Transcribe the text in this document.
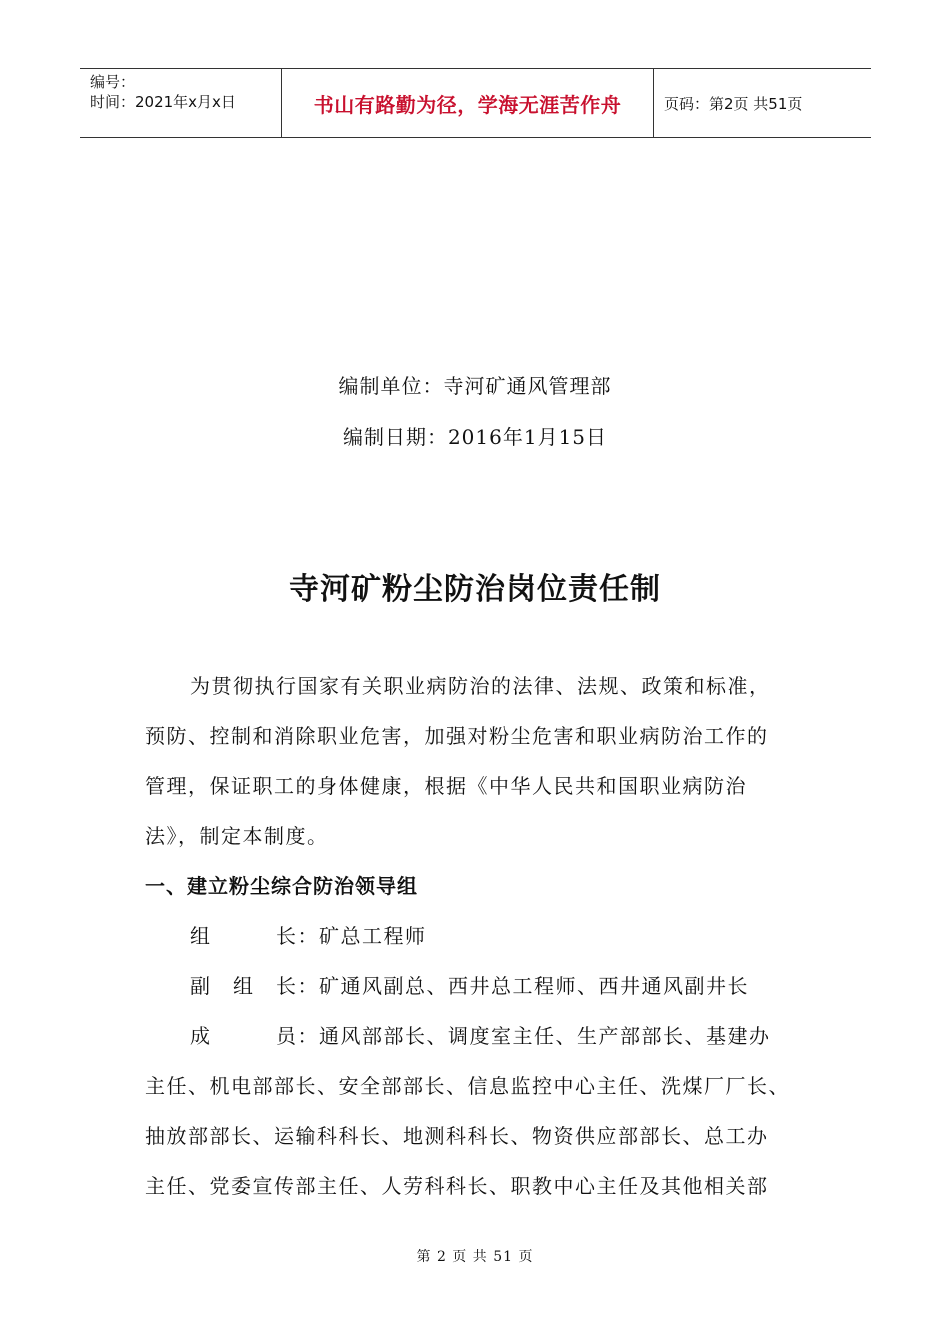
编号：
时间：2021年x月x日	书山有路勤为径，学海无涯苦作舟	页码：第2页 共51页
编制单位：寺河矿通风管理部
编制日期：2016年1月15日
寺河矿粉尘防治岗位责任制
为贯彻执行国家有关职业病防治的法律、法规、政策和标准，
预防、控制和消除职业危害，加强对粉尘危害和职业病防治工作的
管理，保证职工的身体健康，根据《中华人民共和国职业病防治
法》，制定本制度。
一、建立粉尘综合防治领导组
组　　　长：矿总工程师
副　组　长：矿通风副总、西井总工程师、西井通风副井长
成　　　员：通风部部长、调度室主任、生产部部长、基建办
主任、机电部部长、安全部部长、信息监控中心主任、洗煤厂厂长、
抽放部部长、运输科科长、地测科科长、物资供应部部长、总工办
主任、党委宣传部主任、人劳科科长、职教中心主任及其他相关部
第 2 页 共 51 页
